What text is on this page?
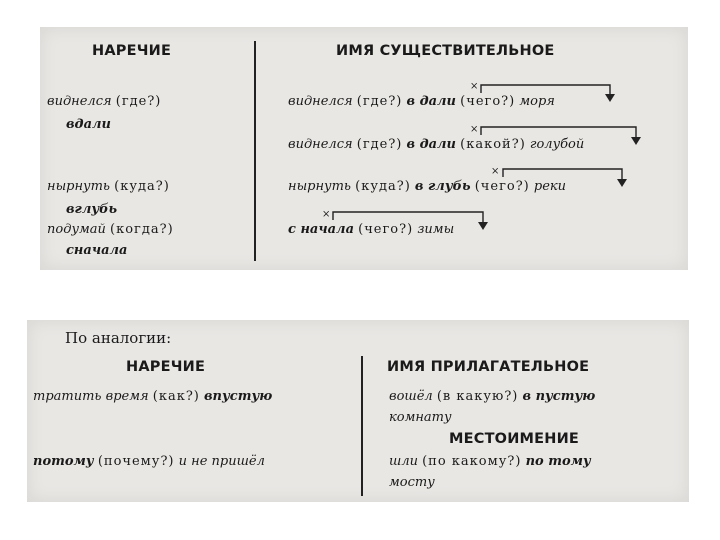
НАРЕЧИЕ	ИМЯ СУЩЕСТВИТЕЛЬНОЕ
виднелся (где?)
вдали
нырнуть (куда?)
вглубь
подумай (когда?)
сначала
виднелся (где?) в дали (чего?) моря
виднелся (где?) в дали (какой?) голубой
нырнуть (куда?) в глубь (чего?) реки
с начала (чего?) зимы
×
×
×
×
По аналогии:
НАРЕЧИЕ	ИМЯ ПРИЛАГАТЕЛЬНОЕ
тратить время (как?) впустую
потому (почему?) и не пришёл
вошёл (в какую?) в пустую
комнату
МЕСТОИМЕНИЕ
шли (по какому?) по тому
мосту
